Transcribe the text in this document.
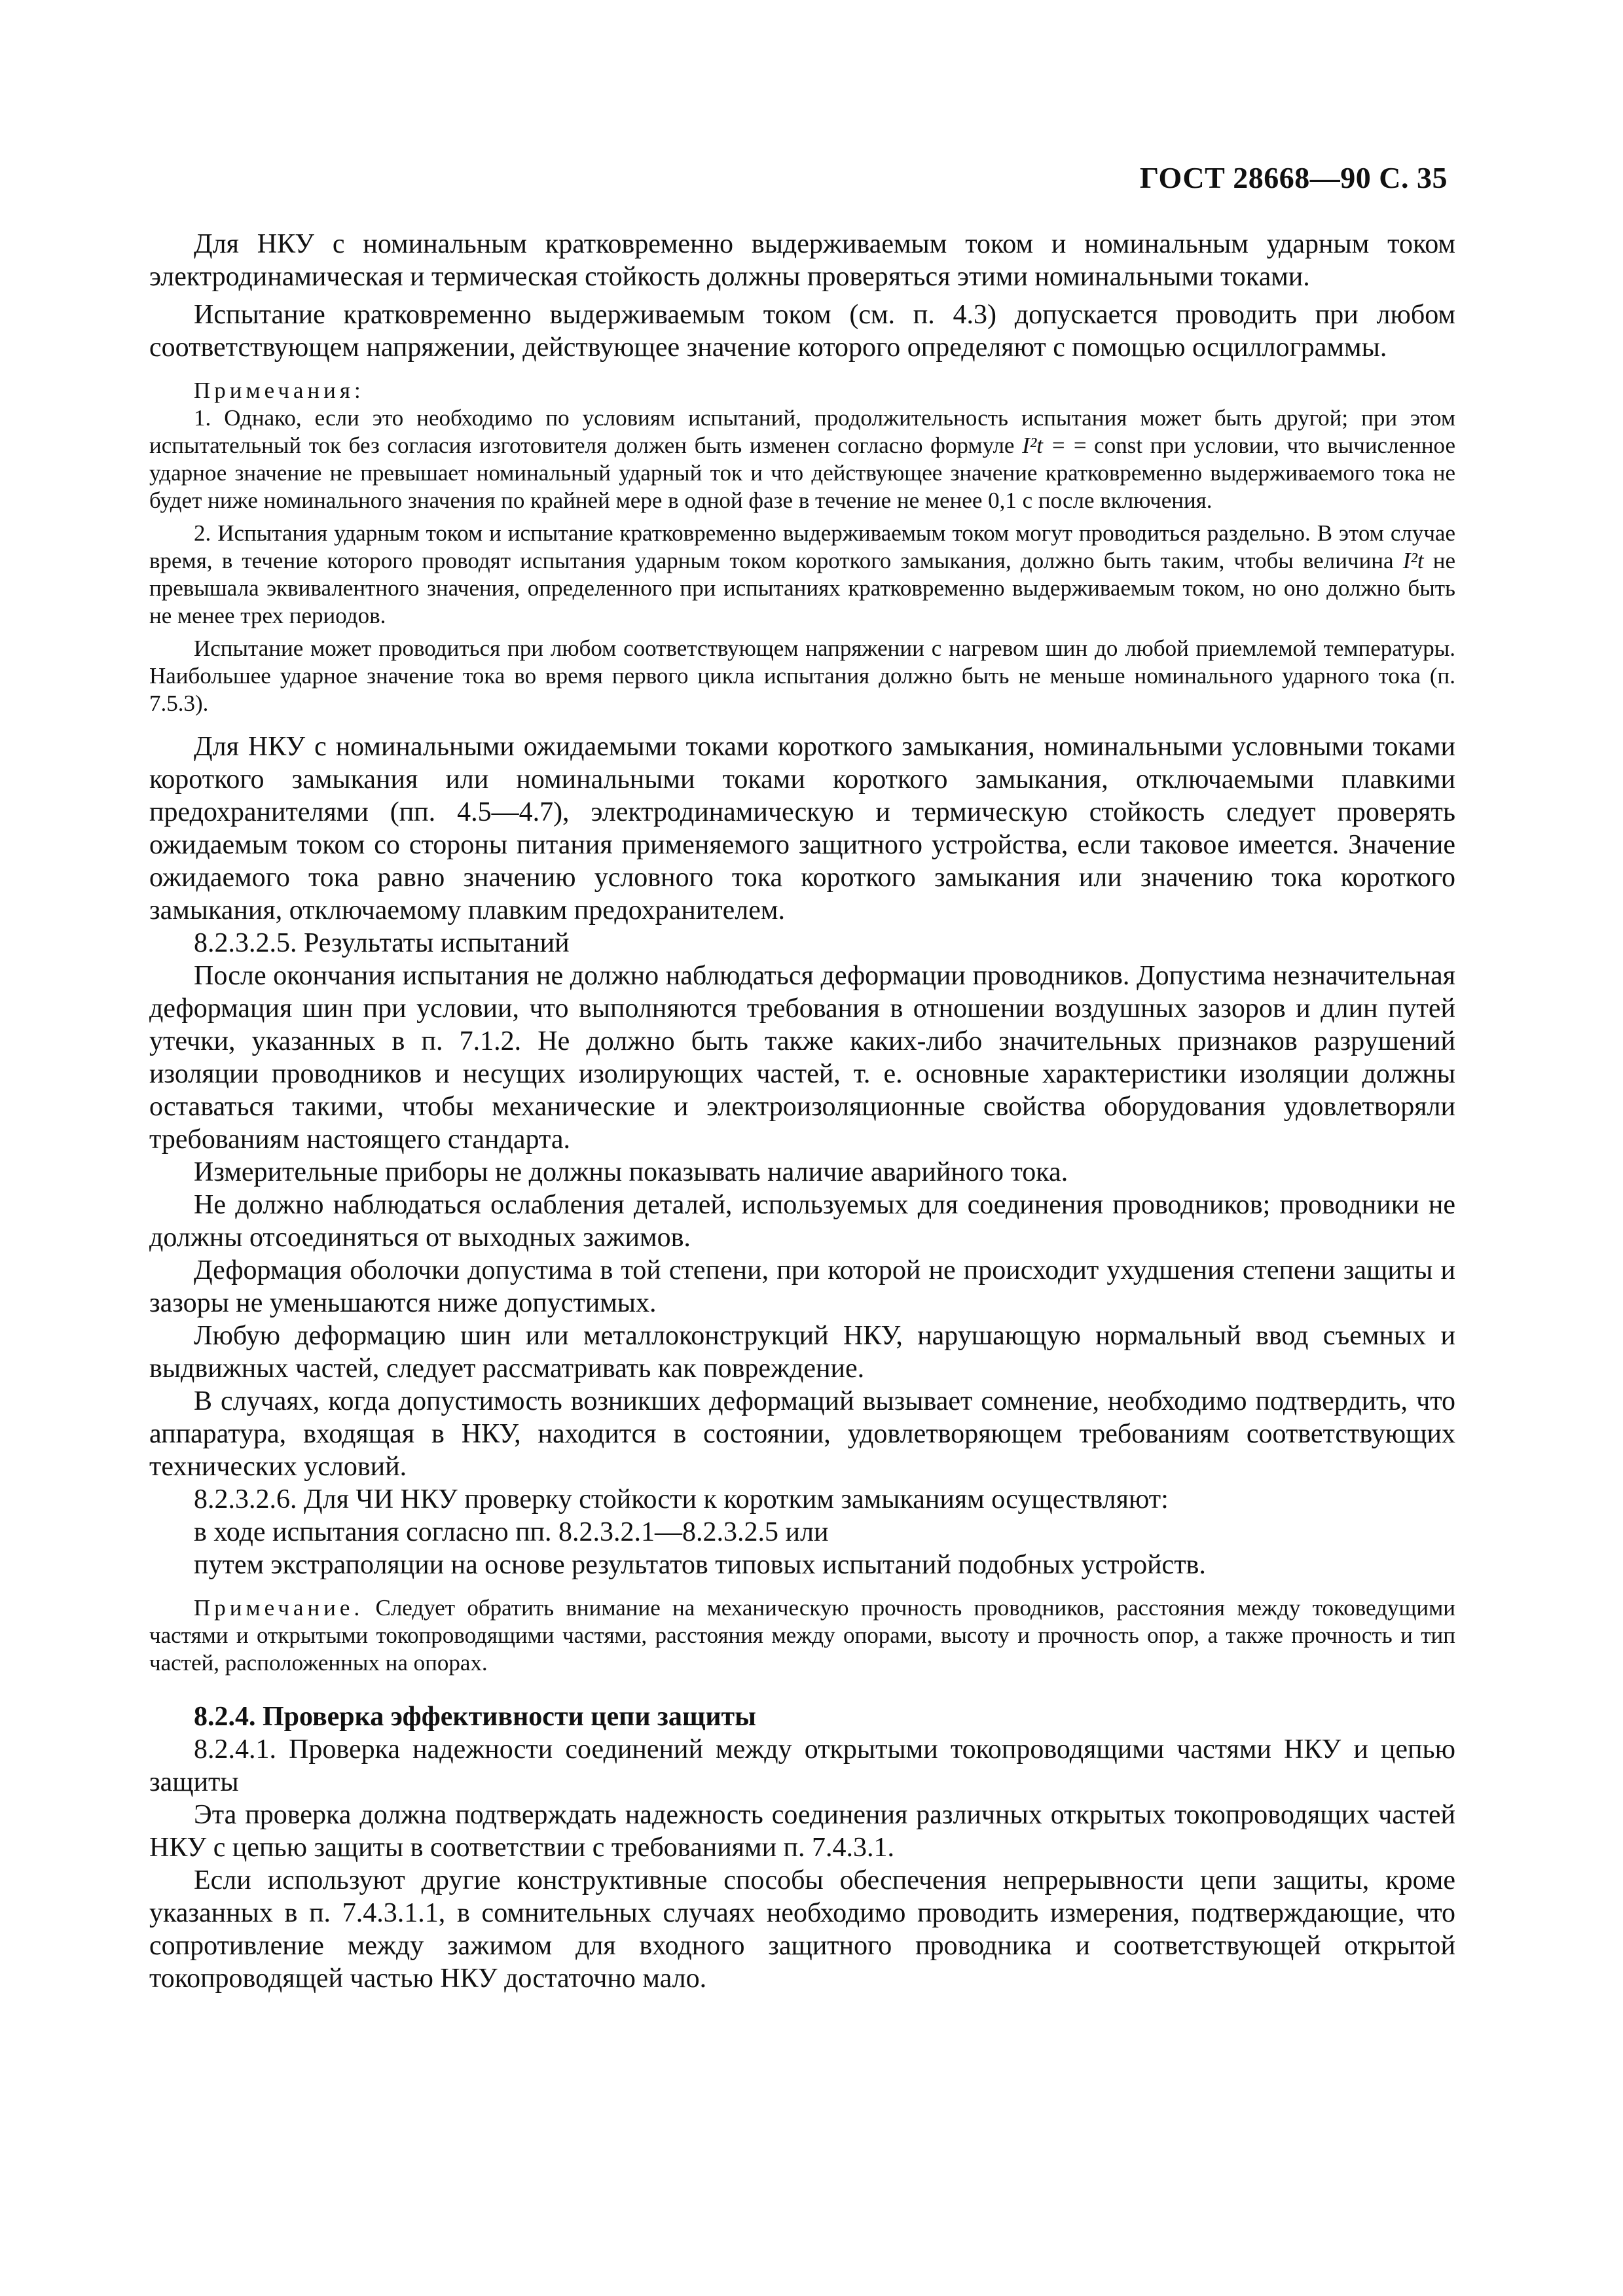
ГОСТ 28668—90 С. 35

Для НКУ с номинальным кратковременно выдерживаемым током и номинальным ударным током электродинамическая и термическая стойкость должны проверяться этими номинальными токами.

Испытание кратковременно выдерживаемым током (см. п. 4.3) допускается проводить при любом соответствующем напряжении, действующее значение которого определяют с помощью осциллограммы.

Примечания:

1. Однако, если это необходимо по условиям испытаний, продолжительность испытания может быть другой; при этом испытательный ток без согласия изготовителя должен быть изменен согласно формуле I²t = = const при условии, что вычисленное ударное значение не превышает номинальный ударный ток и что действующее значение кратковременно выдерживаемого тока не будет ниже номинального значения по крайней мере в одной фазе в течение не менее 0,1 с после включения.

2. Испытания ударным током и испытание кратковременно выдерживаемым током могут проводиться раздельно. В этом случае время, в течение которого проводят испытания ударным током короткого замыкания, должно быть таким, чтобы величина I²t не превышала эквивалентного значения, определенного при испытаниях кратковременно выдерживаемым током, но оно должно быть не менее трех периодов.

Испытание может проводиться при любом соответствующем напряжении с нагревом шин до любой приемлемой температуры. Наибольшее ударное значение тока во время первого цикла испытания должно быть не меньше номинального ударного тока (п. 7.5.3).

Для НКУ с номинальными ожидаемыми токами короткого замыкания, номинальными условными токами короткого замыкания или номинальными токами короткого замыкания, отключаемыми плавкими предохранителями (пп. 4.5—4.7), электродинамическую и термическую стойкость следует проверять ожидаемым током со стороны питания применяемого защитного устройства, если таковое имеется. Значение ожидаемого тока равно значению условного тока короткого замыкания или значению тока короткого замыкания, отключаемому плавким предохранителем.

8.2.3.2.5. Результаты испытаний

После окончания испытания не должно наблюдаться деформации проводников. Допустима незначительная деформация шин при условии, что выполняются требования в отношении воздушных зазоров и длин путей утечки, указанных в п. 7.1.2. Не должно быть также каких-либо значительных признаков разрушений изоляции проводников и несущих изолирующих частей, т. е. основные характеристики изоляции должны оставаться такими, чтобы механические и электроизоляционные свойства оборудования удовлетворяли требованиям настоящего стандарта.

Измерительные приборы не должны показывать наличие аварийного тока.

Не должно наблюдаться ослабления деталей, используемых для соединения проводников; проводники не должны отсоединяться от выходных зажимов.

Деформация оболочки допустима в той степени, при которой не происходит ухудшения степени защиты и зазоры не уменьшаются ниже допустимых.

Любую деформацию шин или металлоконструкций НКУ, нарушающую нормальный ввод съемных и выдвижных частей, следует рассматривать как повреждение.

В случаях, когда допустимость возникших деформаций вызывает сомнение, необходимо подтвердить, что аппаратура, входящая в НКУ, находится в состоянии, удовлетворяющем требованиям соответствующих технических условий.

8.2.3.2.6. Для ЧИ НКУ проверку стойкости к коротким замыканиям осуществляют:

в ходе испытания согласно пп. 8.2.3.2.1—8.2.3.2.5 или

путем экстраполяции на основе результатов типовых испытаний подобных устройств.

Примечание. Следует обратить внимание на механическую прочность проводников, расстояния между токоведущими частями и открытыми токопроводящими частями, расстояния между опорами, высоту и прочность опор, а также прочность и тип частей, расположенных на опорах.

8.2.4. Проверка эффективности цепи защиты

8.2.4.1. Проверка надежности соединений между открытыми токопроводящими частями НКУ и цепью защиты

Эта проверка должна подтверждать надежность соединения различных открытых токопроводящих частей НКУ с цепью защиты в соответствии с требованиями п. 7.4.3.1.

Если используют другие конструктивные способы обеспечения непрерывности цепи защиты, кроме указанных в п. 7.4.3.1.1, в сомнительных случаях необходимо проводить измерения, подтверждающие, что сопротивление между зажимом для входного защитного проводника и соответствующей открытой токопроводящей частью НКУ достаточно мало.
